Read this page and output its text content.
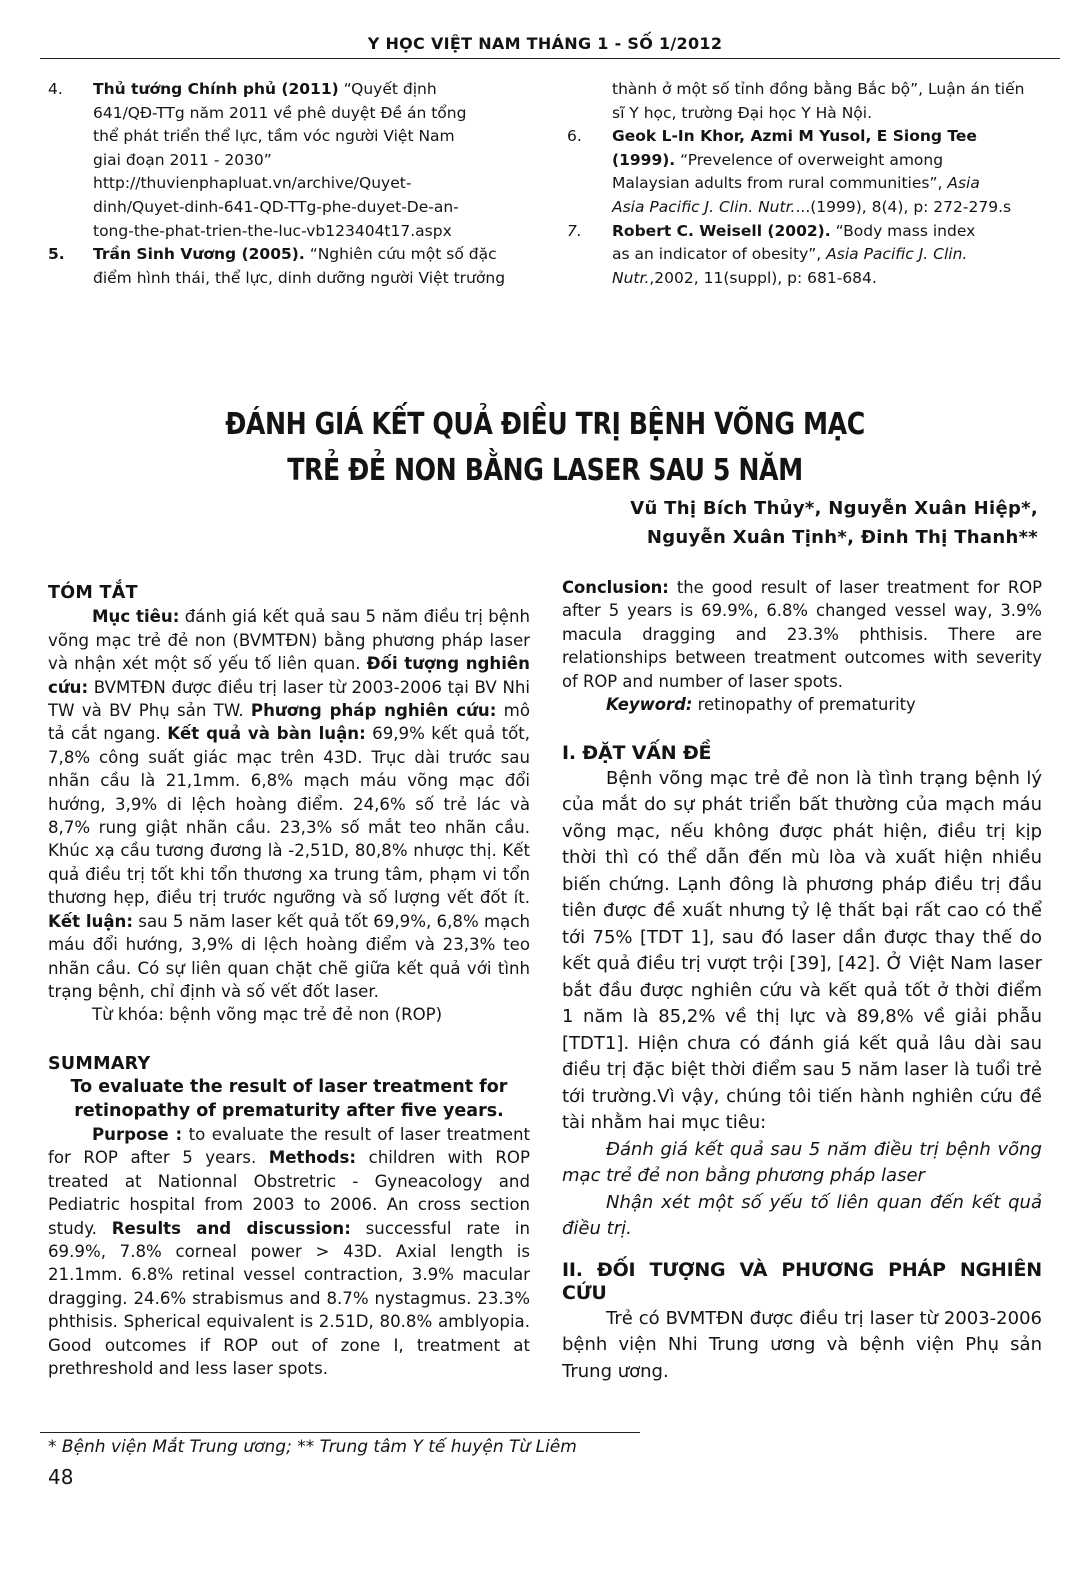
Y HỌC VIỆT NAM THÁNG 1 - SỐ 1/2012
4. Thủ tướng Chính phủ (2011) “Quyết định
641/QĐ-TTg năm 2011 về phê duyệt Đề án tổng
thể phát triển thể lực, tầm vóc người Việt Nam
giai đoạn 2011 - 2030”
http://thuvienphapluat.vn/archive/Quyet-
dinh/Quyet-dinh-641-QD-TTg-phe-duyet-De-an-
tong-the-phat-trien-the-luc-vb123404t17.aspx
5. Trần Sinh Vương (2005). “Nghiên cứu một số đặc
điểm hình thái, thể lực, dinh dưỡng người Việt trưởng
thành ở một số tỉnh đồng bằng Bắc bộ”, Luận án tiến
sĩ Y học, trường Đại học Y Hà Nội.
6. Geok L-In Khor, Azmi M Yusol, E Siong Tee
(1999). “Prevelence of overweight among
Malaysian adults from rural communities”, Asia
Asia Pacific J. Clin. Nutr....(1999), 8(4), p: 272-279.s
7. Robert C. Weisell (2002). “Body mass index
as an indicator of obesity”, Asia Pacific J. Clin. Nutr.,2002, 11(suppl), p: 681-684.
ĐÁNH GIÁ KẾT QUẢ ĐIỀU TRỊ BỆNH VÕNG MẠC
TRẺ ĐẺ NON BẰNG LASER SAU 5 NĂM
Vũ Thị Bích Thủy*, Nguyễn Xuân Hiệp*,
Nguyễn Xuân Tịnh*, Đinh Thị Thanh**
TÓM TẮT
Mục tiêu: đánh giá kết quả sau 5 năm điều trị bệnh võng mạc trẻ đẻ non (BVMTĐN) bằng phương pháp laser và nhận xét một số yếu tố liên quan. Đối tượng nghiên cứu: BVMTĐN được điều trị laser từ 2003-2006 tại BV Nhi TW và BV Phụ sản TW. Phương pháp nghiên cứu: mô tả cắt ngang. Kết quả và bàn luận: 69,9% kết quả tốt, 7,8% công suất giác mạc trên 43D. Trục dài trước sau nhãn cầu là 21,1mm. 6,8% mạch máu võng mạc đổi hướng, 3,9% di lệch hoàng điểm. 24,6% số trẻ lác và 8,7% rung giật nhãn cầu. 23,3% số mắt teo nhãn cầu. Khúc xạ cầu tương đương là -2,51D, 80,8% nhược thị. Kết quả điều trị tốt khi tổn thương xa trung tâm, phạm vi tổn thương hẹp, điều trị trước ngưỡng và số lượng vết đốt ít. Kết luận: sau 5 năm laser kết quả tốt 69,9%, 6,8% mạch máu đổi hướng, 3,9% di lệch hoàng điểm và 23,3% teo nhãn cầu. Có sự liên quan chặt chẽ giữa kết quả với tình trạng bệnh, chỉ định và số vết đốt laser.
Từ khóa: bệnh võng mạc trẻ đẻ non (ROP)
SUMMARY
To evaluate the result of laser treatment for retinopathy of prematurity after five years.
Purpose : to evaluate the result of laser treatment for ROP after 5 years. Methods: children with ROP treated at Nationnal Obstretric - Gyneacology and Pediatric hospital from 2003 to 2006. An cross section study. Results and discussion: successful rate in 69.9%, 7.8% corneal power > 43D. Axial length is 21.1mm. 6.8% retinal vessel contraction, 3.9% macular dragging. 24.6% strabismus and 8.7% nystagmus. 23.3% phthisis. Spherical equivalent is 2.51D, 80.8% amblyopia. Good outcomes if ROP out of zone I, treatment at prethreshold and less laser spots.
Conclusion: the good result of laser treatment for ROP after 5 years is 69.9%, 6.8% changed vessel way, 3.9% macula dragging and 23.3% phthisis. There are relationships between treatment outcomes with severity of ROP and number of laser spots.
Keyword: retinopathy of prematurity
I. ĐẶT VẤN ĐỀ
Bệnh võng mạc trẻ đẻ non là tình trạng bệnh lý của mắt do sự phát triển bất thường của mạch máu võng mạc, nếu không được phát hiện, điều trị kịp thời thì có thể dẫn đến mù lòa và xuất hiện nhiều biến chứng. Lạnh đông là phương pháp điều trị đầu tiên được đề xuất nhưng tỷ lệ thất bại rất cao có thể tới 75% [TDT 1], sau đó laser dần được thay thế do kết quả điều trị vượt trội [39], [42]. Ở Việt Nam laser bắt đầu được nghiên cứu và kết quả tốt ở thời điểm 1 năm là 85,2% về thị lực và 89,8% về giải phẫu [TDT1]. Hiện chưa có đánh giá kết quả lâu dài sau điều trị đặc biệt thời điểm sau 5 năm laser là tuổi trẻ tới trường.Vì vậy, chúng tôi tiến hành nghiên cứu đề tài nhằm hai mục tiêu:
Đánh giá kết quả sau 5 năm điều trị bệnh võng mạc trẻ đẻ non bằng phương pháp laser
Nhận xét một số yếu tố liên quan đến kết quả điều trị.
II. ĐỐI TƯỢNG VÀ PHƯƠNG PHÁP NGHIÊN CỨU
Trẻ có BVMTĐN được điều trị laser từ 2003-2006 bệnh viện Nhi Trung ương và bệnh viện Phụ sản Trung ương.
* Bệnh viện Mắt Trung ương; ** Trung tâm Y tế huyện Từ Liêm
48
